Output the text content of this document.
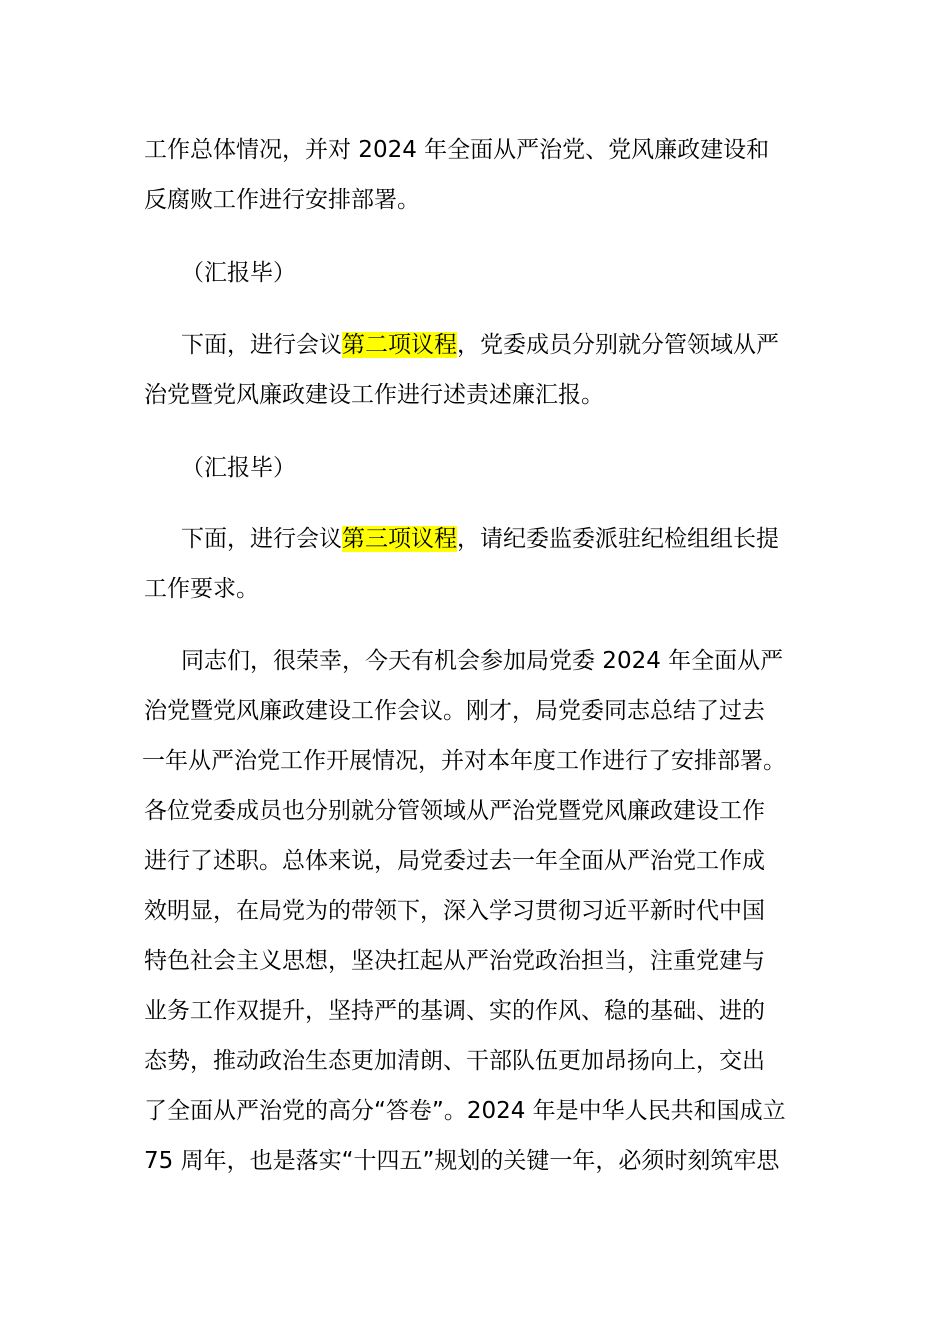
工作总体情况，并对 2024 年全面从严治党、党风廉政建设和
反腐败工作进行安排部署。
（汇报毕）
下面，进行会议第二项议程，党委成员分别就分管领域从严
治党暨党风廉政建设工作进行述责述廉汇报。
（汇报毕）
下面，进行会议第三项议程，请纪委监委派驻纪检组组长提
工作要求。
同志们，很荣幸，今天有机会参加局党委 2024 年全面从严
治党暨党风廉政建设工作会议。刚才，局党委同志总结了过去
一年从严治党工作开展情况，并对本年度工作进行了安排部署。
各位党委成员也分别就分管领域从严治党暨党风廉政建设工作
进行了述职。总体来说，局党委过去一年全面从严治党工作成
效明显，在局党为的带领下，深入学习贯彻习近平新时代中国
特色社会主义思想，坚决扛起从严治党政治担当，注重党建与
业务工作双提升，坚持严的基调、实的作风、稳的基础、进的
态势，推动政治生态更加清朗、干部队伍更加昂扬向上，交出
了全面从严治党的高分“答卷”。2024 年是中华人民共和国成立
75 周年，也是落实“十四五”规划的关键一年，必须时刻筑牢思
